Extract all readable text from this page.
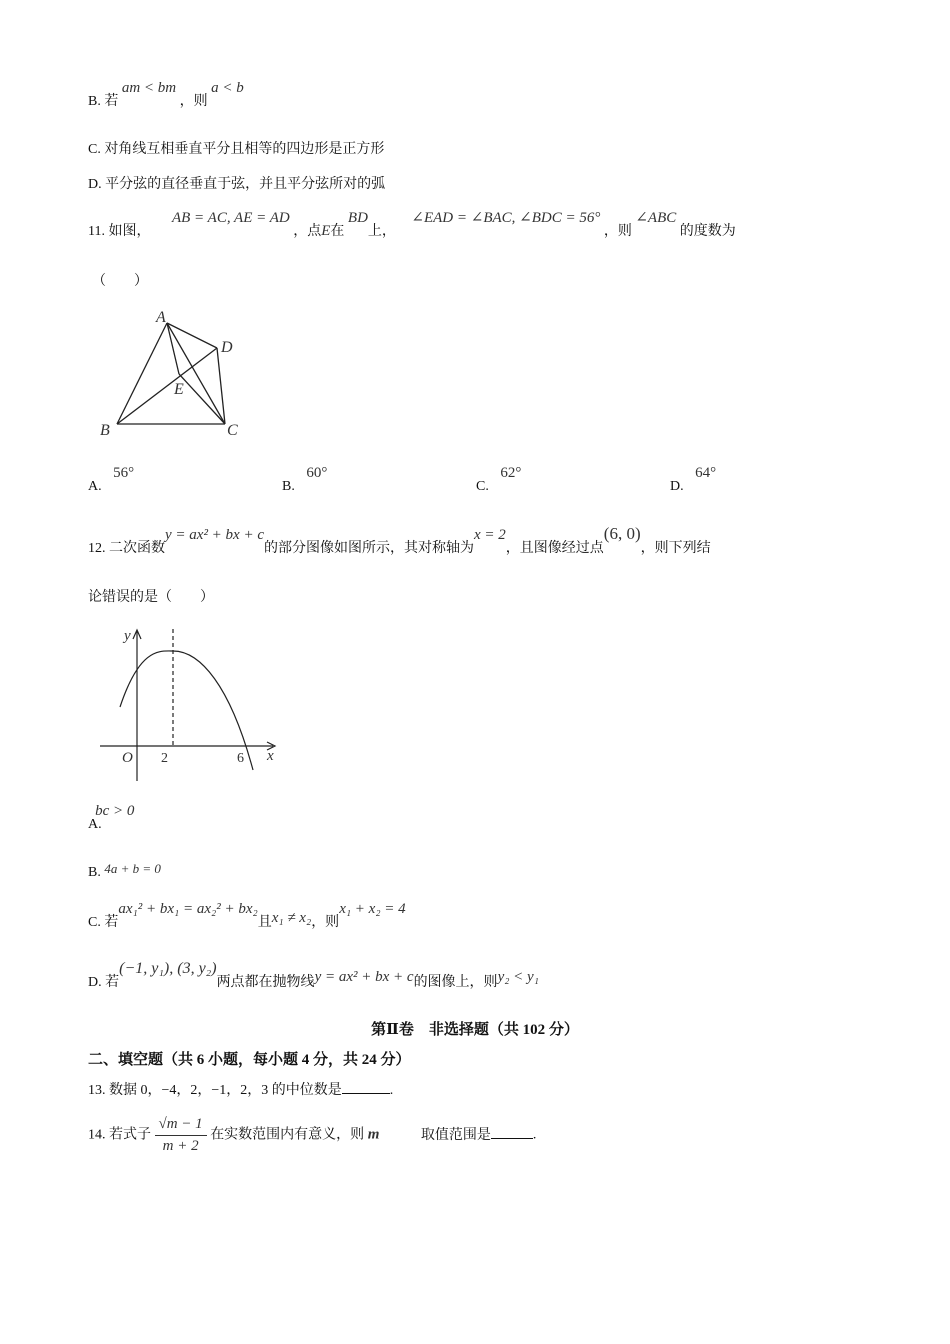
B. 若 am < bm ，则 a < b
C. 对角线互相垂直平分且相等的四边形是正方形
D. 平分弦的直径垂直于弦，并且平分弦所对的弧
11. 如图， AB = AC, AE = AD ，点E在 BD上， ∠EAD = ∠BAC, ∠BDC = 56° ，则 ∠ABC 的度数为
（　　）
A
D
E
B	C
A. 56°
B. 60°
C. 62°
D. 64°
12. 二次函数y = ax² + bx + c的部分图像如图所示，其对称轴为x = 2，且图像经过点(6, 0)，则下列结
论错误的是（　　）
y
x
O 2	6
A. bc > 0
B. 4a + b = 0
C. 若ax₁² + bx₁ = ax₂² + bx₂且x₁ ≠ x₂，则x₁ + x₂ = 4
D. 若(−1, y₁), (3, y₂)两点都在抛物线y = ax² + bx + c的图像上，则y₂ < y₁
第Ⅱ卷　非选择题（共 102 分）
二、填空题（共 6 小题，每小题 4 分，共 24 分）
13. 数据 0，−4，2，−1，2，3 的中位数是	.
14. 若式子 $\frac{√m - 1}{m + 2}$ 在实数范围内有意义，则 m	取值范围是	.
